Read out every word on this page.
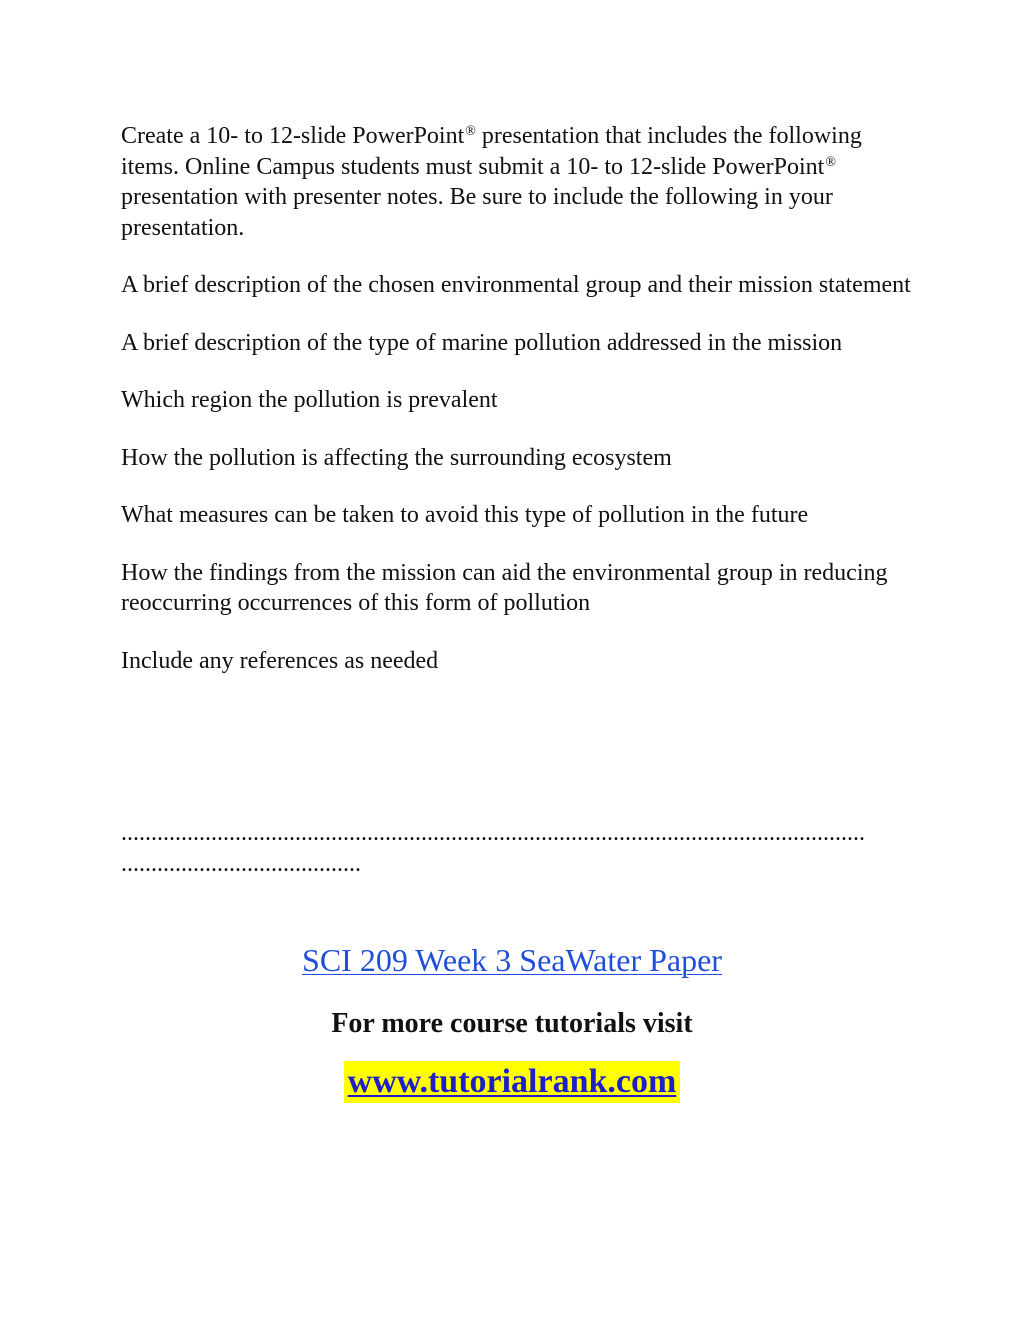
Create a 10- to 12-slide PowerPoint® presentation that includes the following items. Online Campus students must submit a 10- to 12-slide PowerPoint® presentation with presenter notes. Be sure to include the following in your presentation.

A brief description of the chosen environmental group and their mission statement

A brief description of the type of marine pollution addressed in the mission

Which region the pollution is prevalent

How the pollution is affecting the surrounding ecosystem

What measures can be taken to avoid this type of pollution in the future

How the findings from the mission can aid the environmental group in reducing reoccurring occurrences of this form of pollution

Include any references as needed

............................................................................................................................
........................................
SCI 209 Week 3 SeaWater Paper
For more course tutorials visit
www.tutorialrank.com
